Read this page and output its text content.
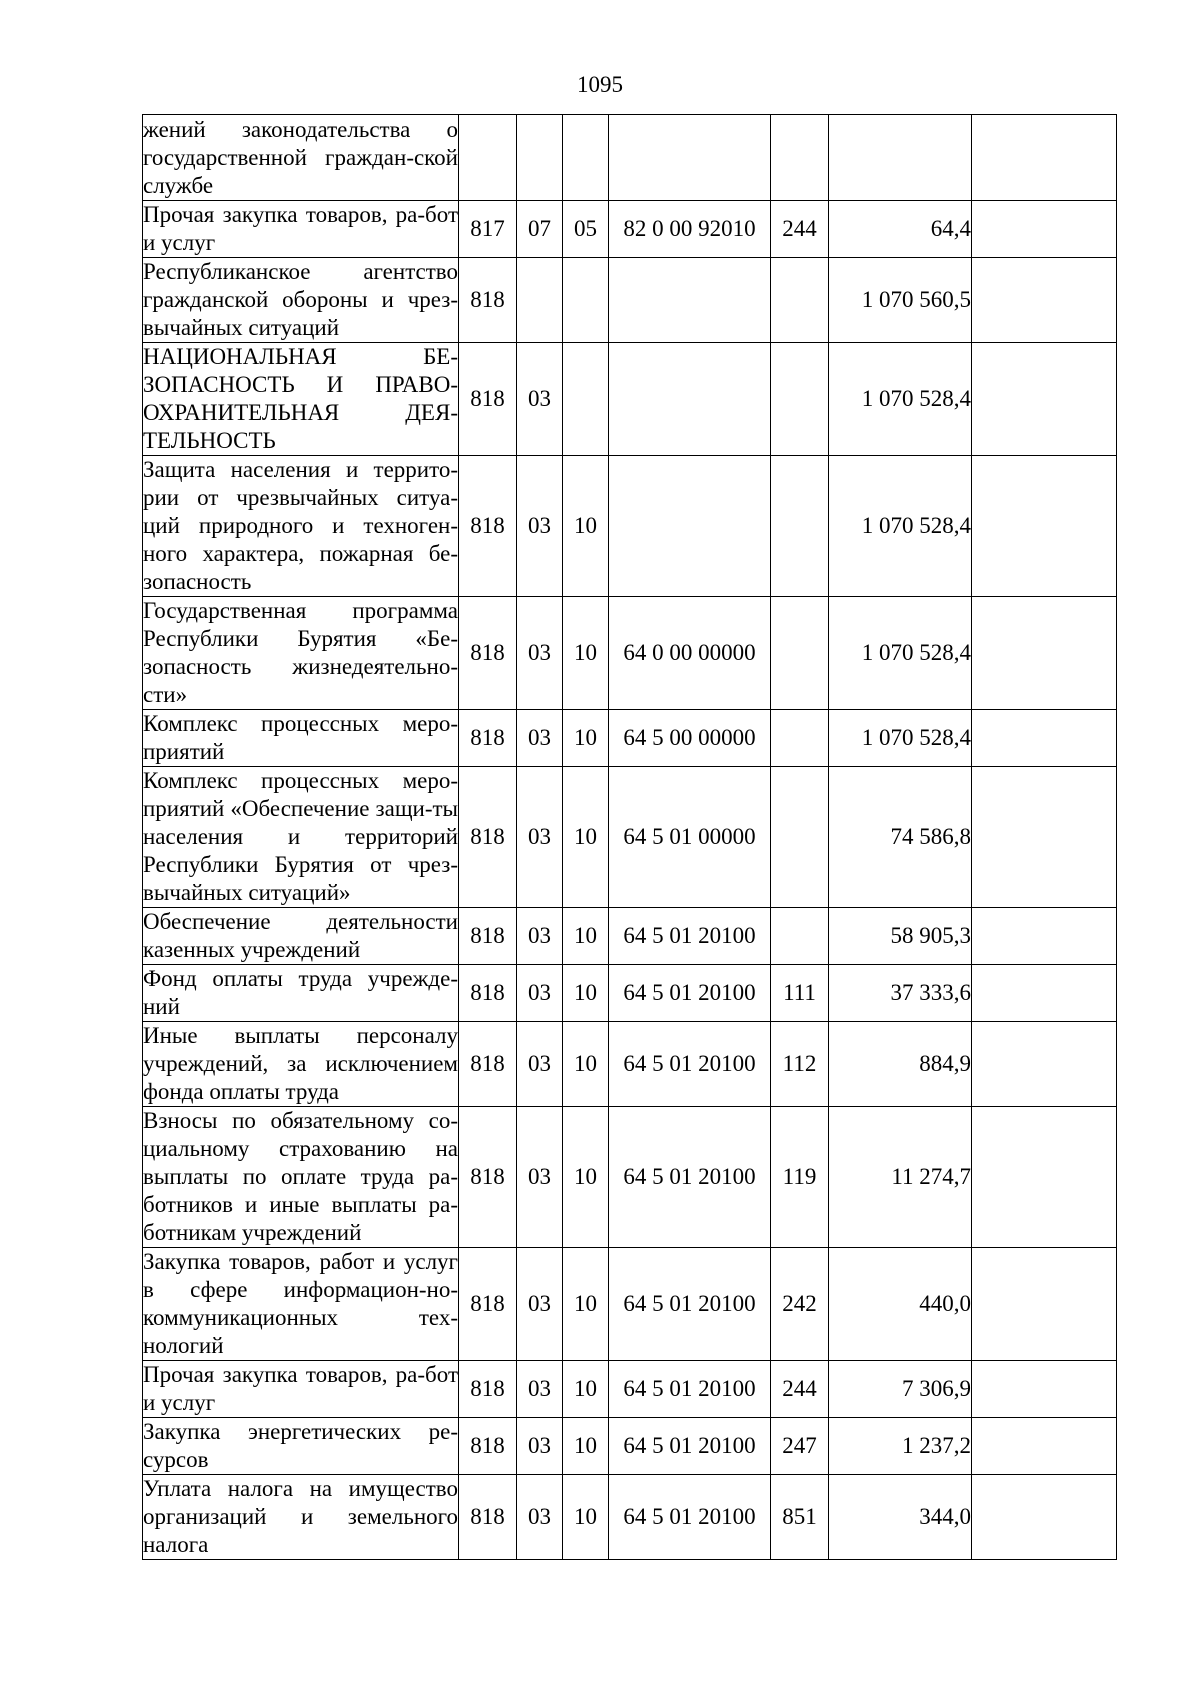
1095
жений законодательства о государственной граждан-ской службе							
Прочая закупка товаров, ра-бот и услуг	817	07	05	82 0 00 92010	244	64,4	
Республиканское агентство гражданской обороны и чрез-вычайных ситуаций	818					1 070 560,5	
НАЦИОНАЛЬНАЯ БЕ-ЗОПАСНОСТЬ И ПРАВО-ОХРАНИТЕЛЬНАЯ ДЕЯ-ТЕЛЬНОСТЬ	818	03				1 070 528,4	
Защита населения и террито-рии от чрезвычайных ситуа-ций природного и техноген-ного характера, пожарная бе-зопасность	818	03	10			1 070 528,4	
Государственная программа Республики Бурятия «Бе-зопасность жизнедеятельно-сти»	818	03	10	64 0 00 00000		1 070 528,4	
Комплекс процессных меро-приятий	818	03	10	64 5 00 00000		1 070 528,4	
Комплекс процессных меро-приятий «Обеспечение защи-ты населения и территорий Республики Бурятия от чрез-вычайных ситуаций»	818	03	10	64 5 01 00000		74 586,8	
Обеспечение деятельности казенных учреждений	818	03	10	64 5 01 20100		58 905,3	
Фонд оплаты труда учрежде-ний	818	03	10	64 5 01 20100	111	37 333,6	
Иные выплаты персоналу учреждений, за исключением фонда оплаты труда	818	03	10	64 5 01 20100	112	884,9	
Взносы по обязательному со-циальному страхованию на выплаты по оплате труда ра-ботников и иные выплаты ра-ботникам учреждений	818	03	10	64 5 01 20100	119	11 274,7	
Закупка товаров, работ и услуг в сфере информацион-но-коммуникационных тех-нологий	818	03	10	64 5 01 20100	242	440,0	
Прочая закупка товаров, ра-бот и услуг	818	03	10	64 5 01 20100	244	7 306,9	
Закупка энергетических ре-сурсов	818	03	10	64 5 01 20100	247	1 237,2	
Уплата налога на имущество организаций и земельного налога	818	03	10	64 5 01 20100	851	344,0	
